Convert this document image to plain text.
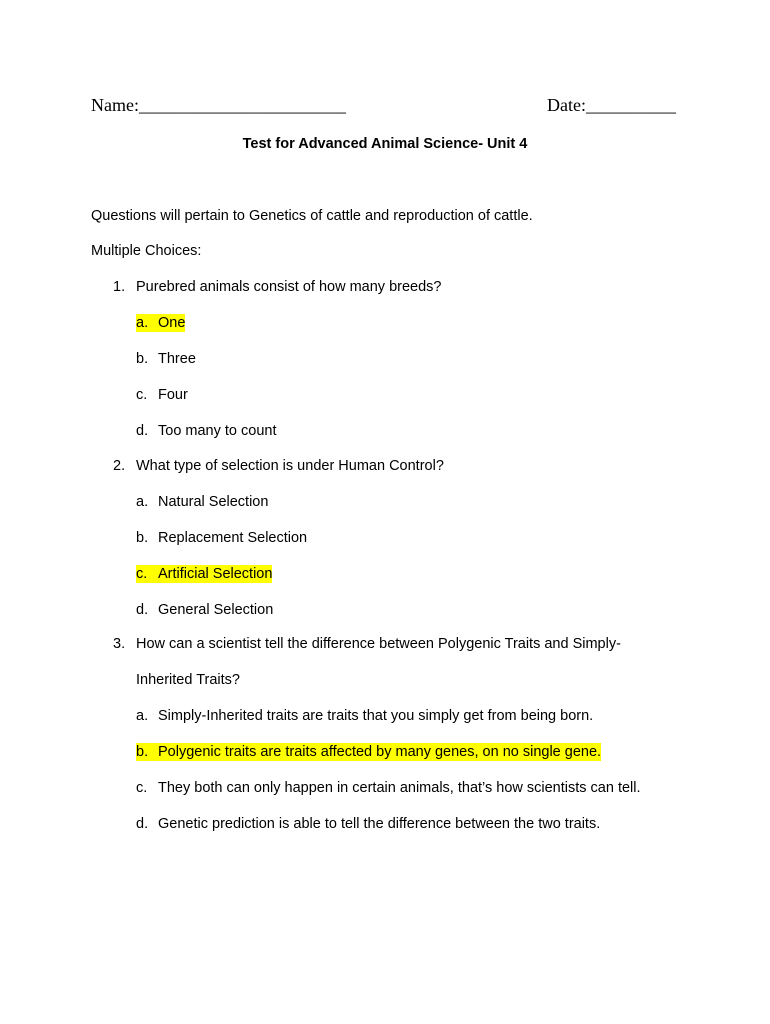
Name:_______________________	Date:__________
Test for Advanced Animal Science- Unit 4
Questions will pertain to Genetics of cattle and reproduction of cattle.
Multiple Choices:
1. Purebred animals consist of how many breeds?
a. One
b. Three
c. Four
d. Too many to count
2. What type of selection is under Human Control?
a. Natural Selection
b. Replacement Selection
c. Artificial Selection
d. General Selection
3. How can a scientist tell the difference between Polygenic Traits and Simply-
Inherited Traits?
a. Simply-Inherited traits are traits that you simply get from being born.
b. Polygenic traits are traits affected by many genes, on no single gene.
c. They both can only happen in certain animals, that’s how scientists can tell.
d. Genetic prediction is able to tell the difference between the two traits.
